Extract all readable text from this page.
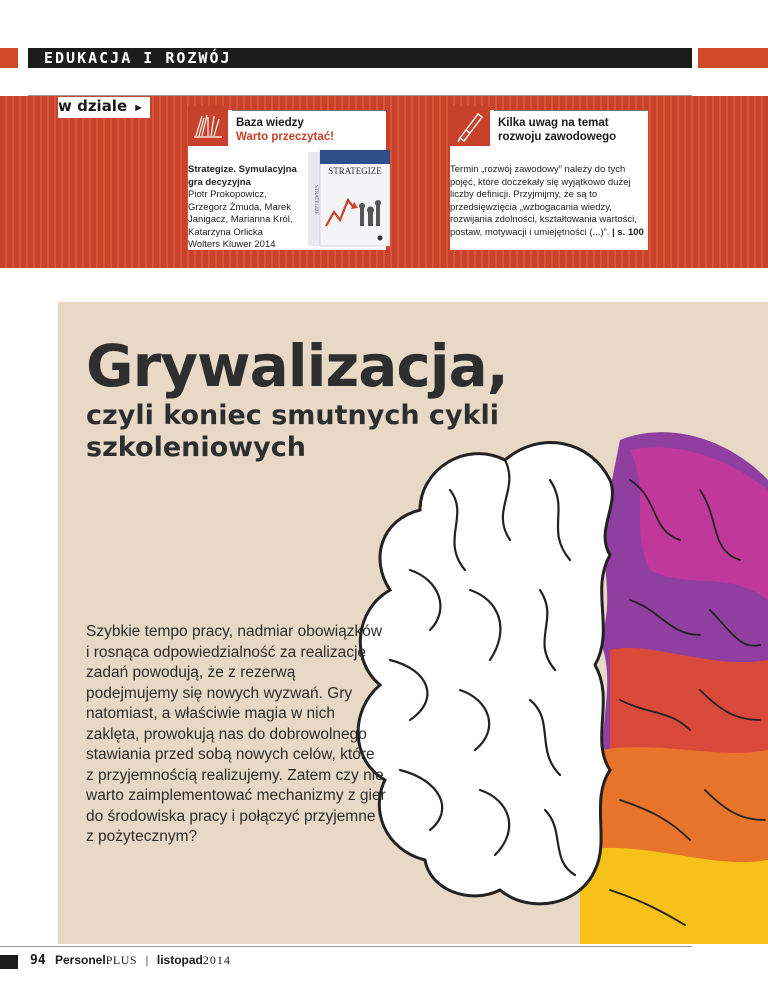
EDUKACJA I ROZWÓJ
w dziale ►
Baza wiedzy
Warto przeczytać!
Strategize. Symulacyjna gra decyzyjna
Piotr Prokopowicz, Grzegorz Żmuda, Marek Janigacz, Marianna Król, Katarzyna Orlicka
Wolters Kluwer 2014
STRATEGIZE
STRATEGIZE
Kilka uwag na temat
rozwoju zawodowego
Termin „rozwój zawodowy” należy do tych pojęć, które doczekały się wyjątkowo dużej liczby definicji. Przyjmijmy, że są to przedsięwzięcia „wzbogacania wiedzy, rozwijania zdolności, kształtowania wartości, postaw, motywacji i umiejętności (...)”. | s. 100
Grywalizacja,
czyli koniec smutnych cykli szkoleniowych
Szybkie tempo pracy, nadmiar obowiązków i rosnąca odpowiedzialność za realizację zadań powodują, że z rezerwą podejmujemy się nowych wyzwań. Gry natomiast, a właściwie magia w nich zaklęta, prowokują nas do dobrowolnego stawiania przed sobą nowych celów, które z przyjemnością realizujemy. Zatem czy nie warto zaimplementować mechanizmy z gier do środowiska pracy i połączyć przyjemne z pożytecznym?
94 PersonelPLUS | listopad2014
